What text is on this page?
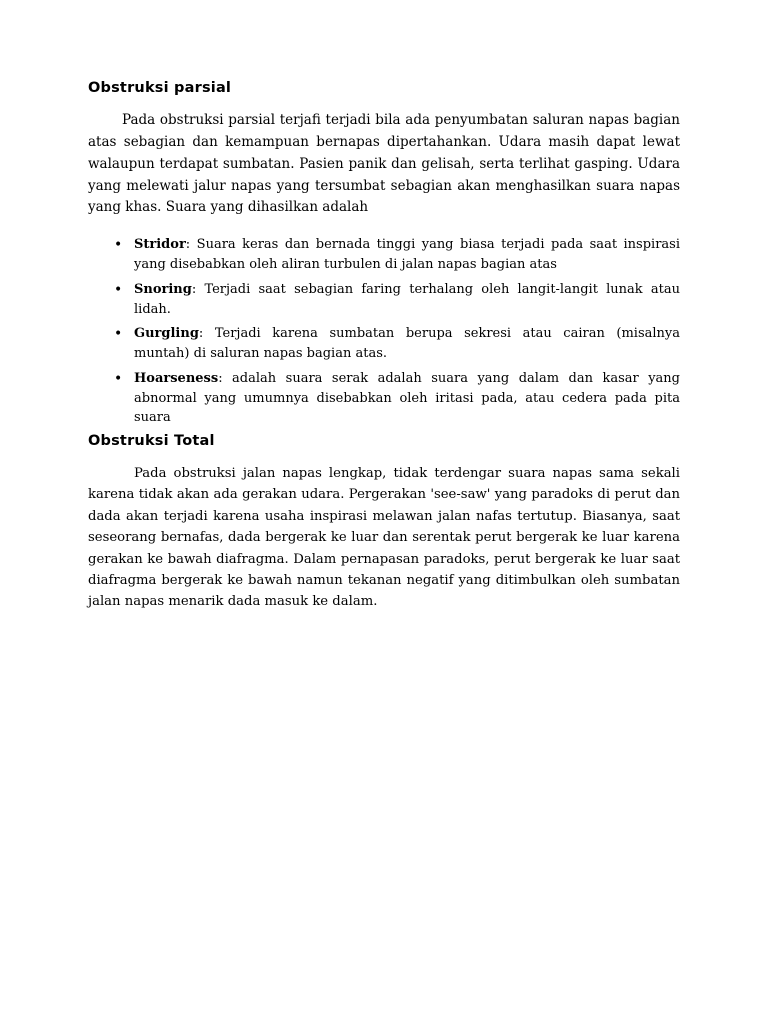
Obstruksi parsial

Pada obstruksi parsial terjafi terjadi bila ada penyumbatan saluran napas bagian atas sebagian dan kemampuan bernapas dipertahankan. Udara masih dapat lewat walaupun terdapat sumbatan. Pasien panik dan gelisah, serta terlihat gasping. Udara yang melewati jalur napas yang tersumbat sebagian akan menghasilkan suara napas yang khas. Suara yang dihasilkan adalah

• Stridor: Suara keras dan bernada tinggi yang biasa terjadi pada saat inspirasi yang disebabkan oleh aliran turbulen di jalan napas bagian atas
• Snoring: Terjadi saat sebagian faring terhalang oleh langit-langit lunak atau lidah.
• Gurgling: Terjadi karena sumbatan berupa sekresi atau cairan (misalnya muntah) di saluran napas bagian atas.
• Hoarseness: adalah suara serak adalah suara yang dalam dan kasar yang abnormal yang umumnya disebabkan oleh iritasi pada, atau cedera pada pita suara
Obstruksi Total

Pada obstruksi jalan napas lengkap, tidak terdengar suara napas sama sekali karena tidak akan ada gerakan udara. Pergerakan 'see-saw' yang paradoks di perut dan dada akan terjadi karena usaha inspirasi melawan jalan nafas tertutup. Biasanya, saat seseorang bernafas, dada bergerak ke luar dan serentak perut bergerak ke luar karena gerakan ke bawah diafragma. Dalam pernapasan paradoks, perut bergerak ke luar saat diafragma bergerak ke bawah namun tekanan negatif yang ditimbulkan oleh sumbatan jalan napas menarik dada masuk ke dalam.
